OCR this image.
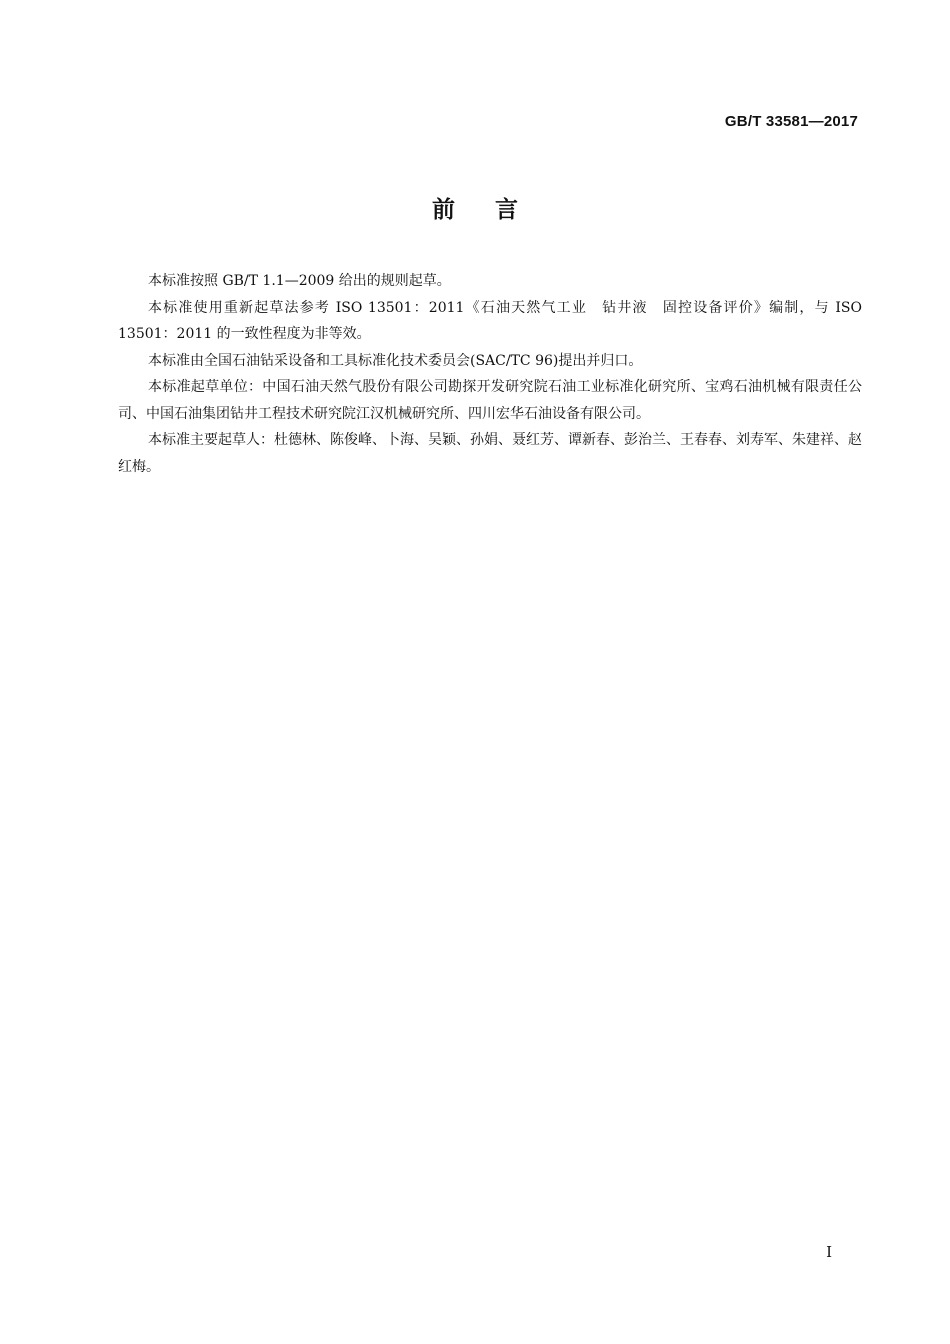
GB/T 33581—2017
前言

本标准按照 GB/T 1.1—2009 给出的规则起草。

本标准使用重新起草法参考 ISO 13501：2011《石油天然气工业　钻井液　固控设备评价》编制，与 ISO 13501：2011 的一致性程度为非等效。

本标准由全国石油钻采设备和工具标准化技术委员会(SAC/TC 96)提出并归口。

本标准起草单位：中国石油天然气股份有限公司勘探开发研究院石油工业标准化研究所、宝鸡石油机械有限责任公司、中国石油集团钻井工程技术研究院江汉机械研究所、四川宏华石油设备有限公司。

本标准主要起草人：杜德林、陈俊峰、卜海、吴颖、孙娟、聂红芳、谭新春、彭治兰、王春春、刘寿军、朱建祥、赵红梅。

I
